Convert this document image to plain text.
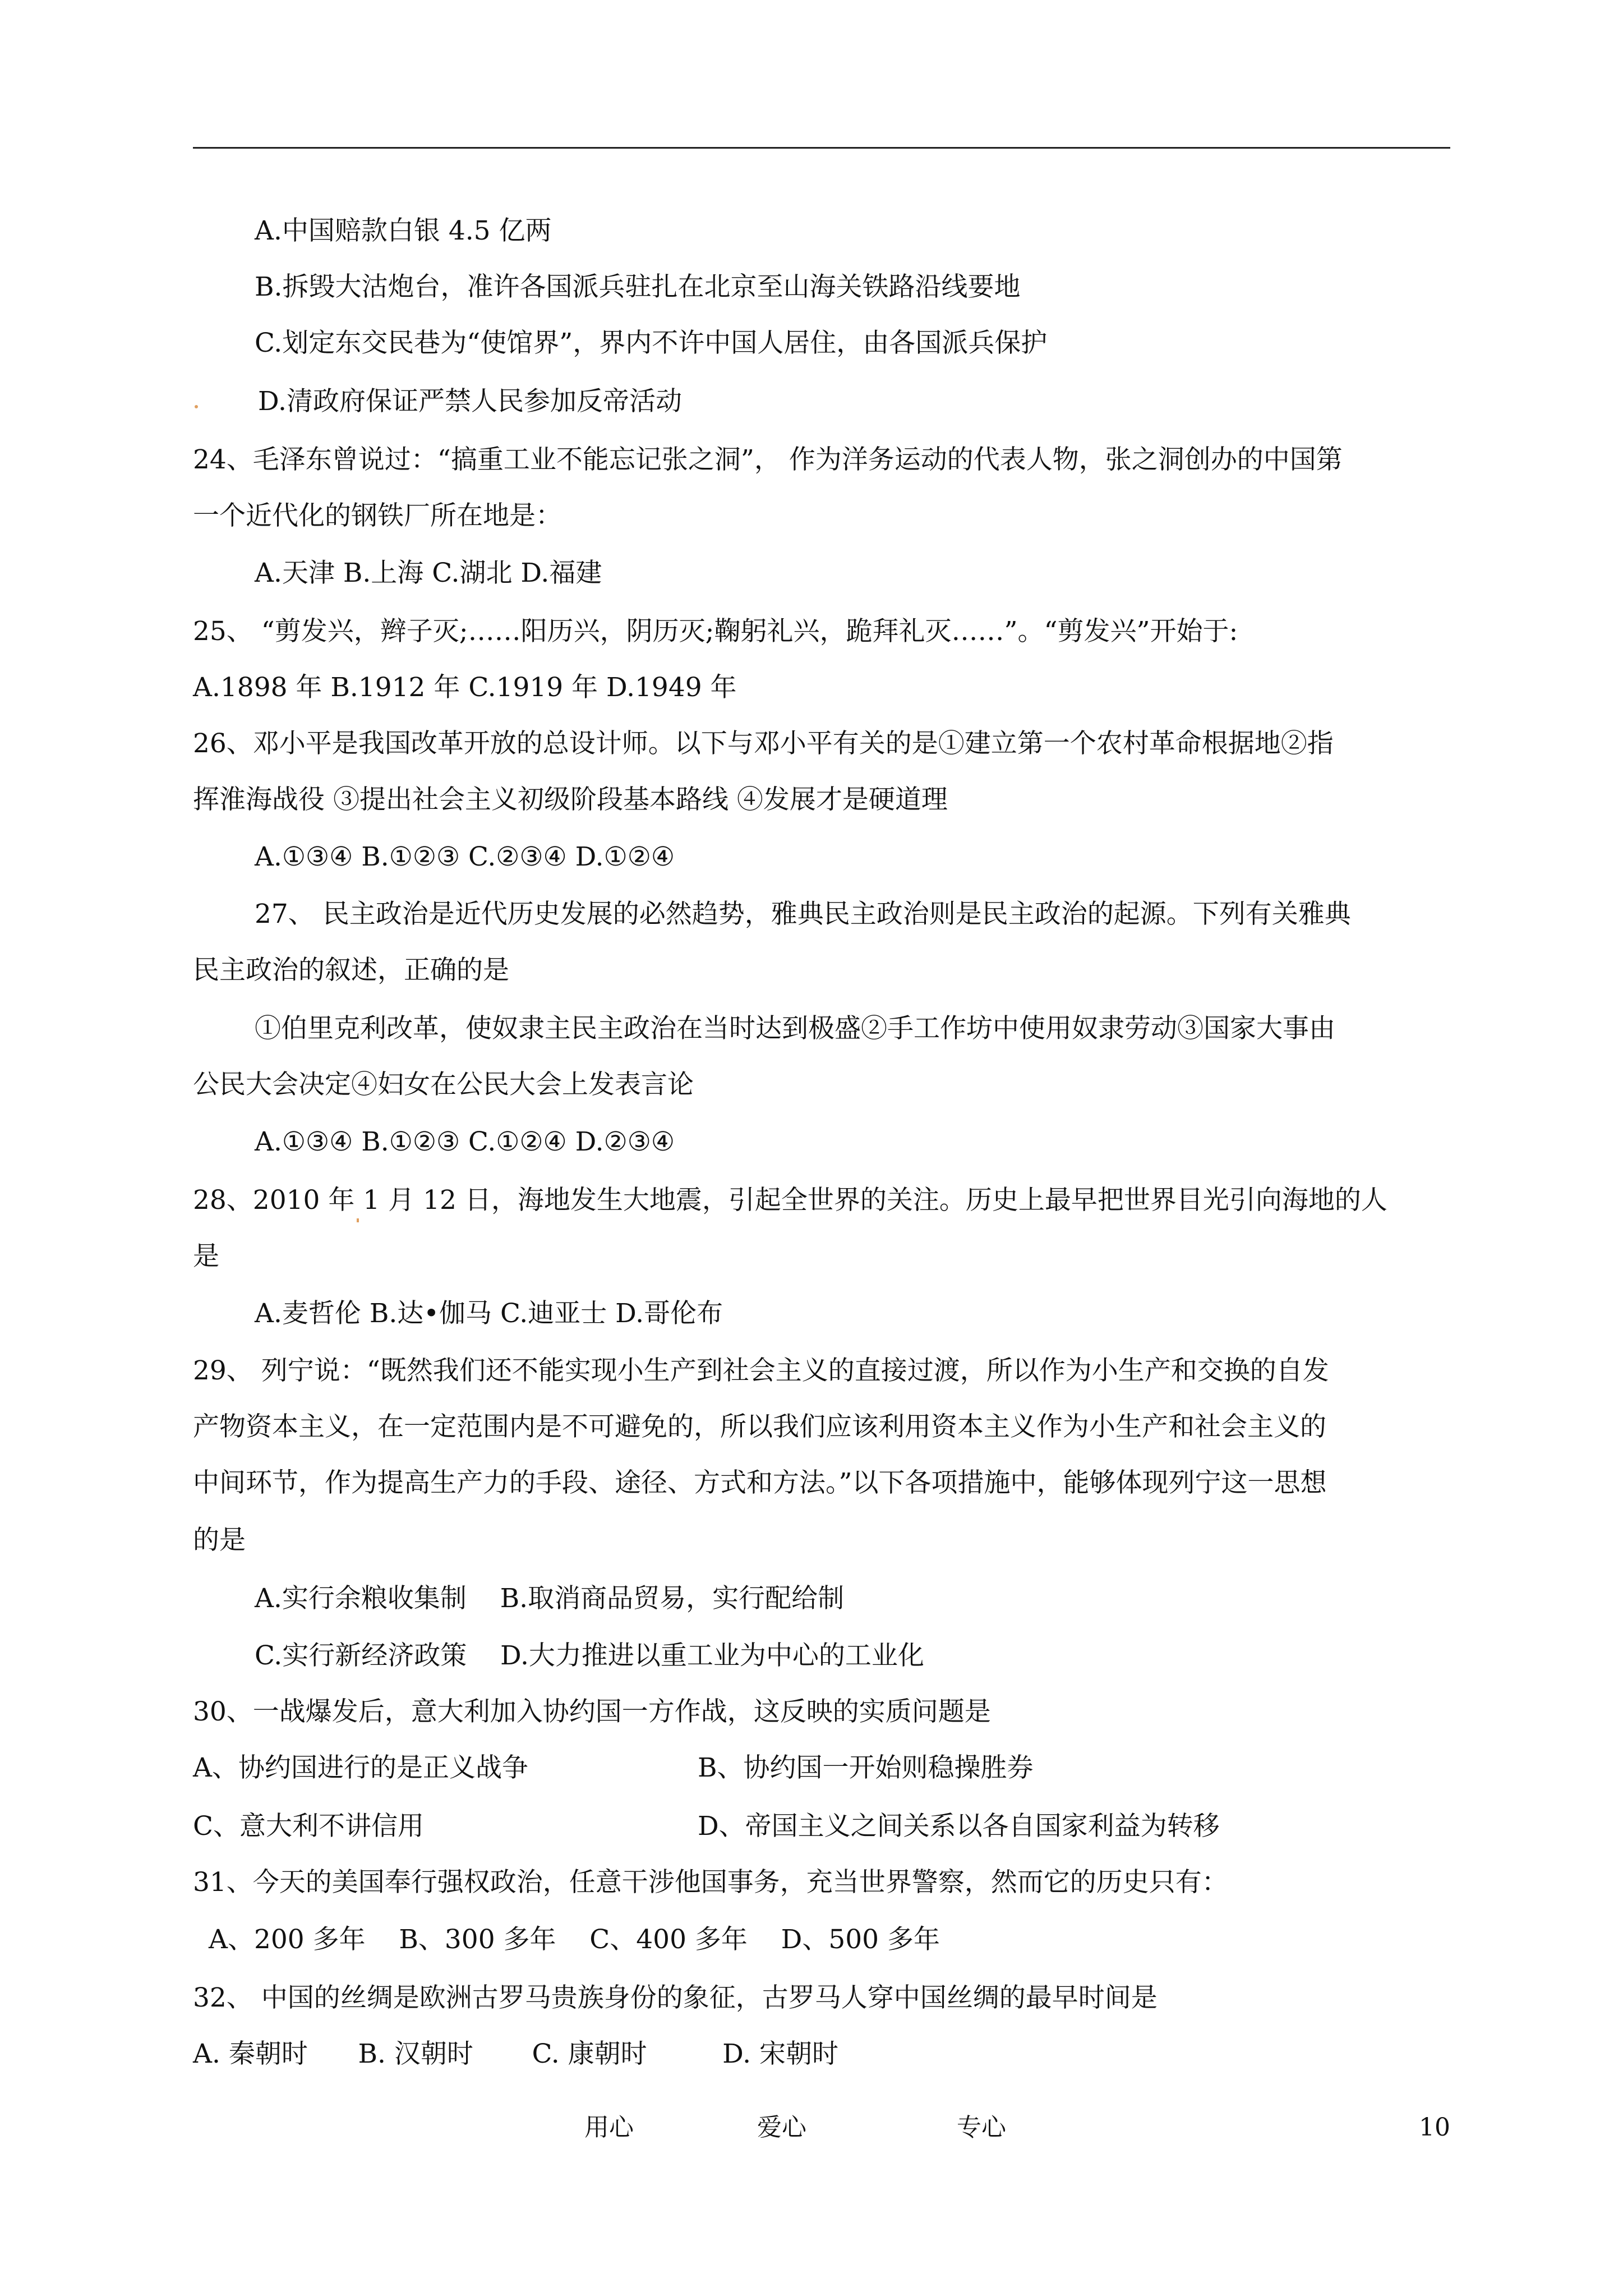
A.中国赔款白银 4.5 亿两
B.拆毁大沽炮台，准许各国派兵驻扎在北京至山海关铁路沿线要地
C.划定东交民巷为“使馆界”，界内不许中国人居住，由各国派兵保护
D.清政府保证严禁人民参加反帝活动
24、毛泽东曾说过：“搞重工业不能忘记张之洞”， 作为洋务运动的代表人物，张之洞创办的中国第
一个近代化的钢铁厂所在地是：
A.天津 B.上海 C.湖北 D.福建
25、 “剪发兴，辫子灭;……阳历兴，阴历灭;鞠躬礼兴，跪拜礼灭……”。“剪发兴”开始于:
A.1898 年 B.1912 年 C.1919 年 D.1949 年
26、邓小平是我国改革开放的总设计师。以下与邓小平有关的是①建立第一个农村革命根据地②指
挥淮海战役 ③提出社会主义初级阶段基本路线 ④发展才是硬道理
A.①③④ B.①②③ C.②③④ D.①②④
27、 民主政治是近代历史发展的必然趋势，雅典民主政治则是民主政治的起源。下列有关雅典
民主政治的叙述，正确的是
①伯里克利改革，使奴隶主民主政治在当时达到极盛②手工作坊中使用奴隶劳动③国家大事由
公民大会决定④妇女在公民大会上发表言论
A.①③④ B.①②③ C.①②④ D.②③④
28、2010 年 1 月 12 日，海地发生大地震，引起全世界的关注。历史上最早把世界目光引向海地的人
是
A.麦哲伦 B.达•伽马 C.迪亚士 D.哥伦布
29、 列宁说：“既然我们还不能实现小生产到社会主义的直接过渡，所以作为小生产和交换的自发
产物资本主义，在一定范围内是不可避免的，所以我们应该利用资本主义作为小生产和社会主义的
中间环节，作为提高生产力的手段、途径、方式和方法。”以下各项措施中，能够体现列宁这一思想
的是
A.实行余粮收集制    B.取消商品贸易，实行配给制
C.实行新经济政策    D.大力推进以重工业为中心的工业化
30、一战爆发后，意大利加入协约国一方作战，这反映的实质问题是
A、协约国进行的是正义战争	B、协约国一开始则稳操胜券
C、意大利不讲信用	D、帝国主义之间关系以各自国家利益为转移
31、今天的美国奉行强权政治，任意干涉他国事务，充当世界警察，然而它的历史只有：
A、200 多年    B、300 多年    C、400 多年    D、500 多年
32、 中国的丝绸是欧洲古罗马贵族身份的象征，古罗马人穿中国丝绸的最早时间是
A. 秦朝时      B. 汉朝时       C. 康朝时         D. 宋朝时
用心	爱心	专心	10
